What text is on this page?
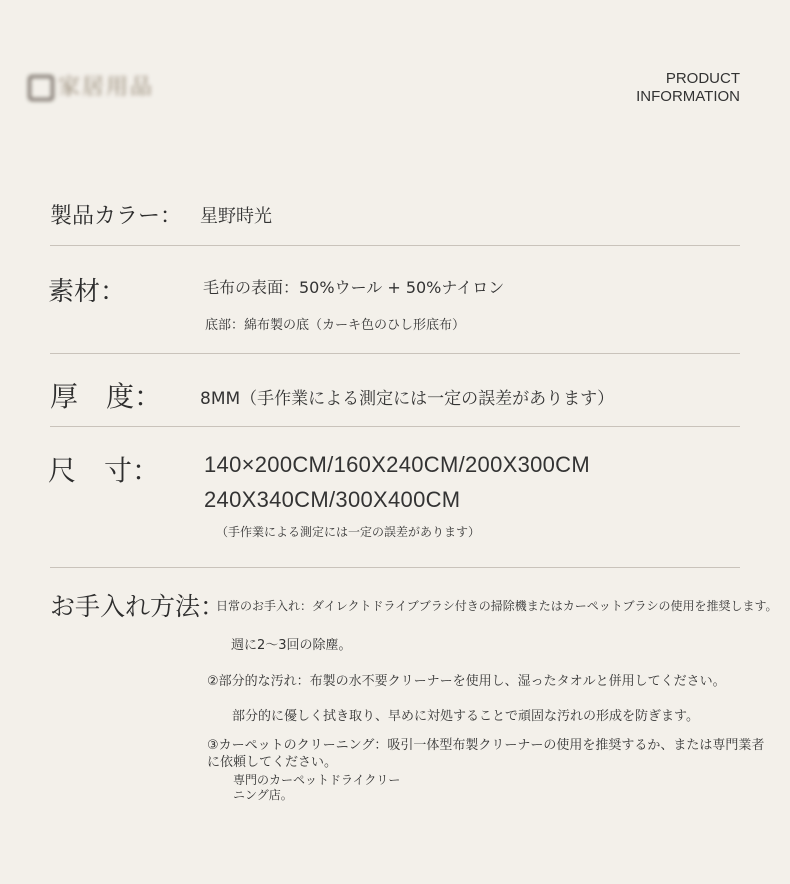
家居用品	PRODUCT
INFORMATION
製品カラー： 星野時光
素材：	毛布の表面：50%ウール + 50%ナイロン
底部：綿布製の底（カーキ色のひし形底布）
厚　度： 8MM（手作業による測定には一定の誤差があります）
尺　寸： 140×200CM/160X240CM/200X300CM
240X340CM/300X400CM
（手作業による測定には一定の誤差があります）
お手入れ方法：
日常のお手入れ：ダイレクトドライブブラシ付きの掃除機またはカーペットブラシの使用を推奨します。
週に2〜3回の除塵。
②部分的な汚れ：布製の水不要クリーナーを使用し、湿ったタオルと併用してください。
部分的に優しく拭き取り、早めに対処することで頑固な汚れの形成を防ぎます。
③カーペットのクリーニング：吸引一体型布製クリーナーの使用を推奨するか、または専門業者
に依頼してください。
専門のカーペットドライクリー
ニング店。
